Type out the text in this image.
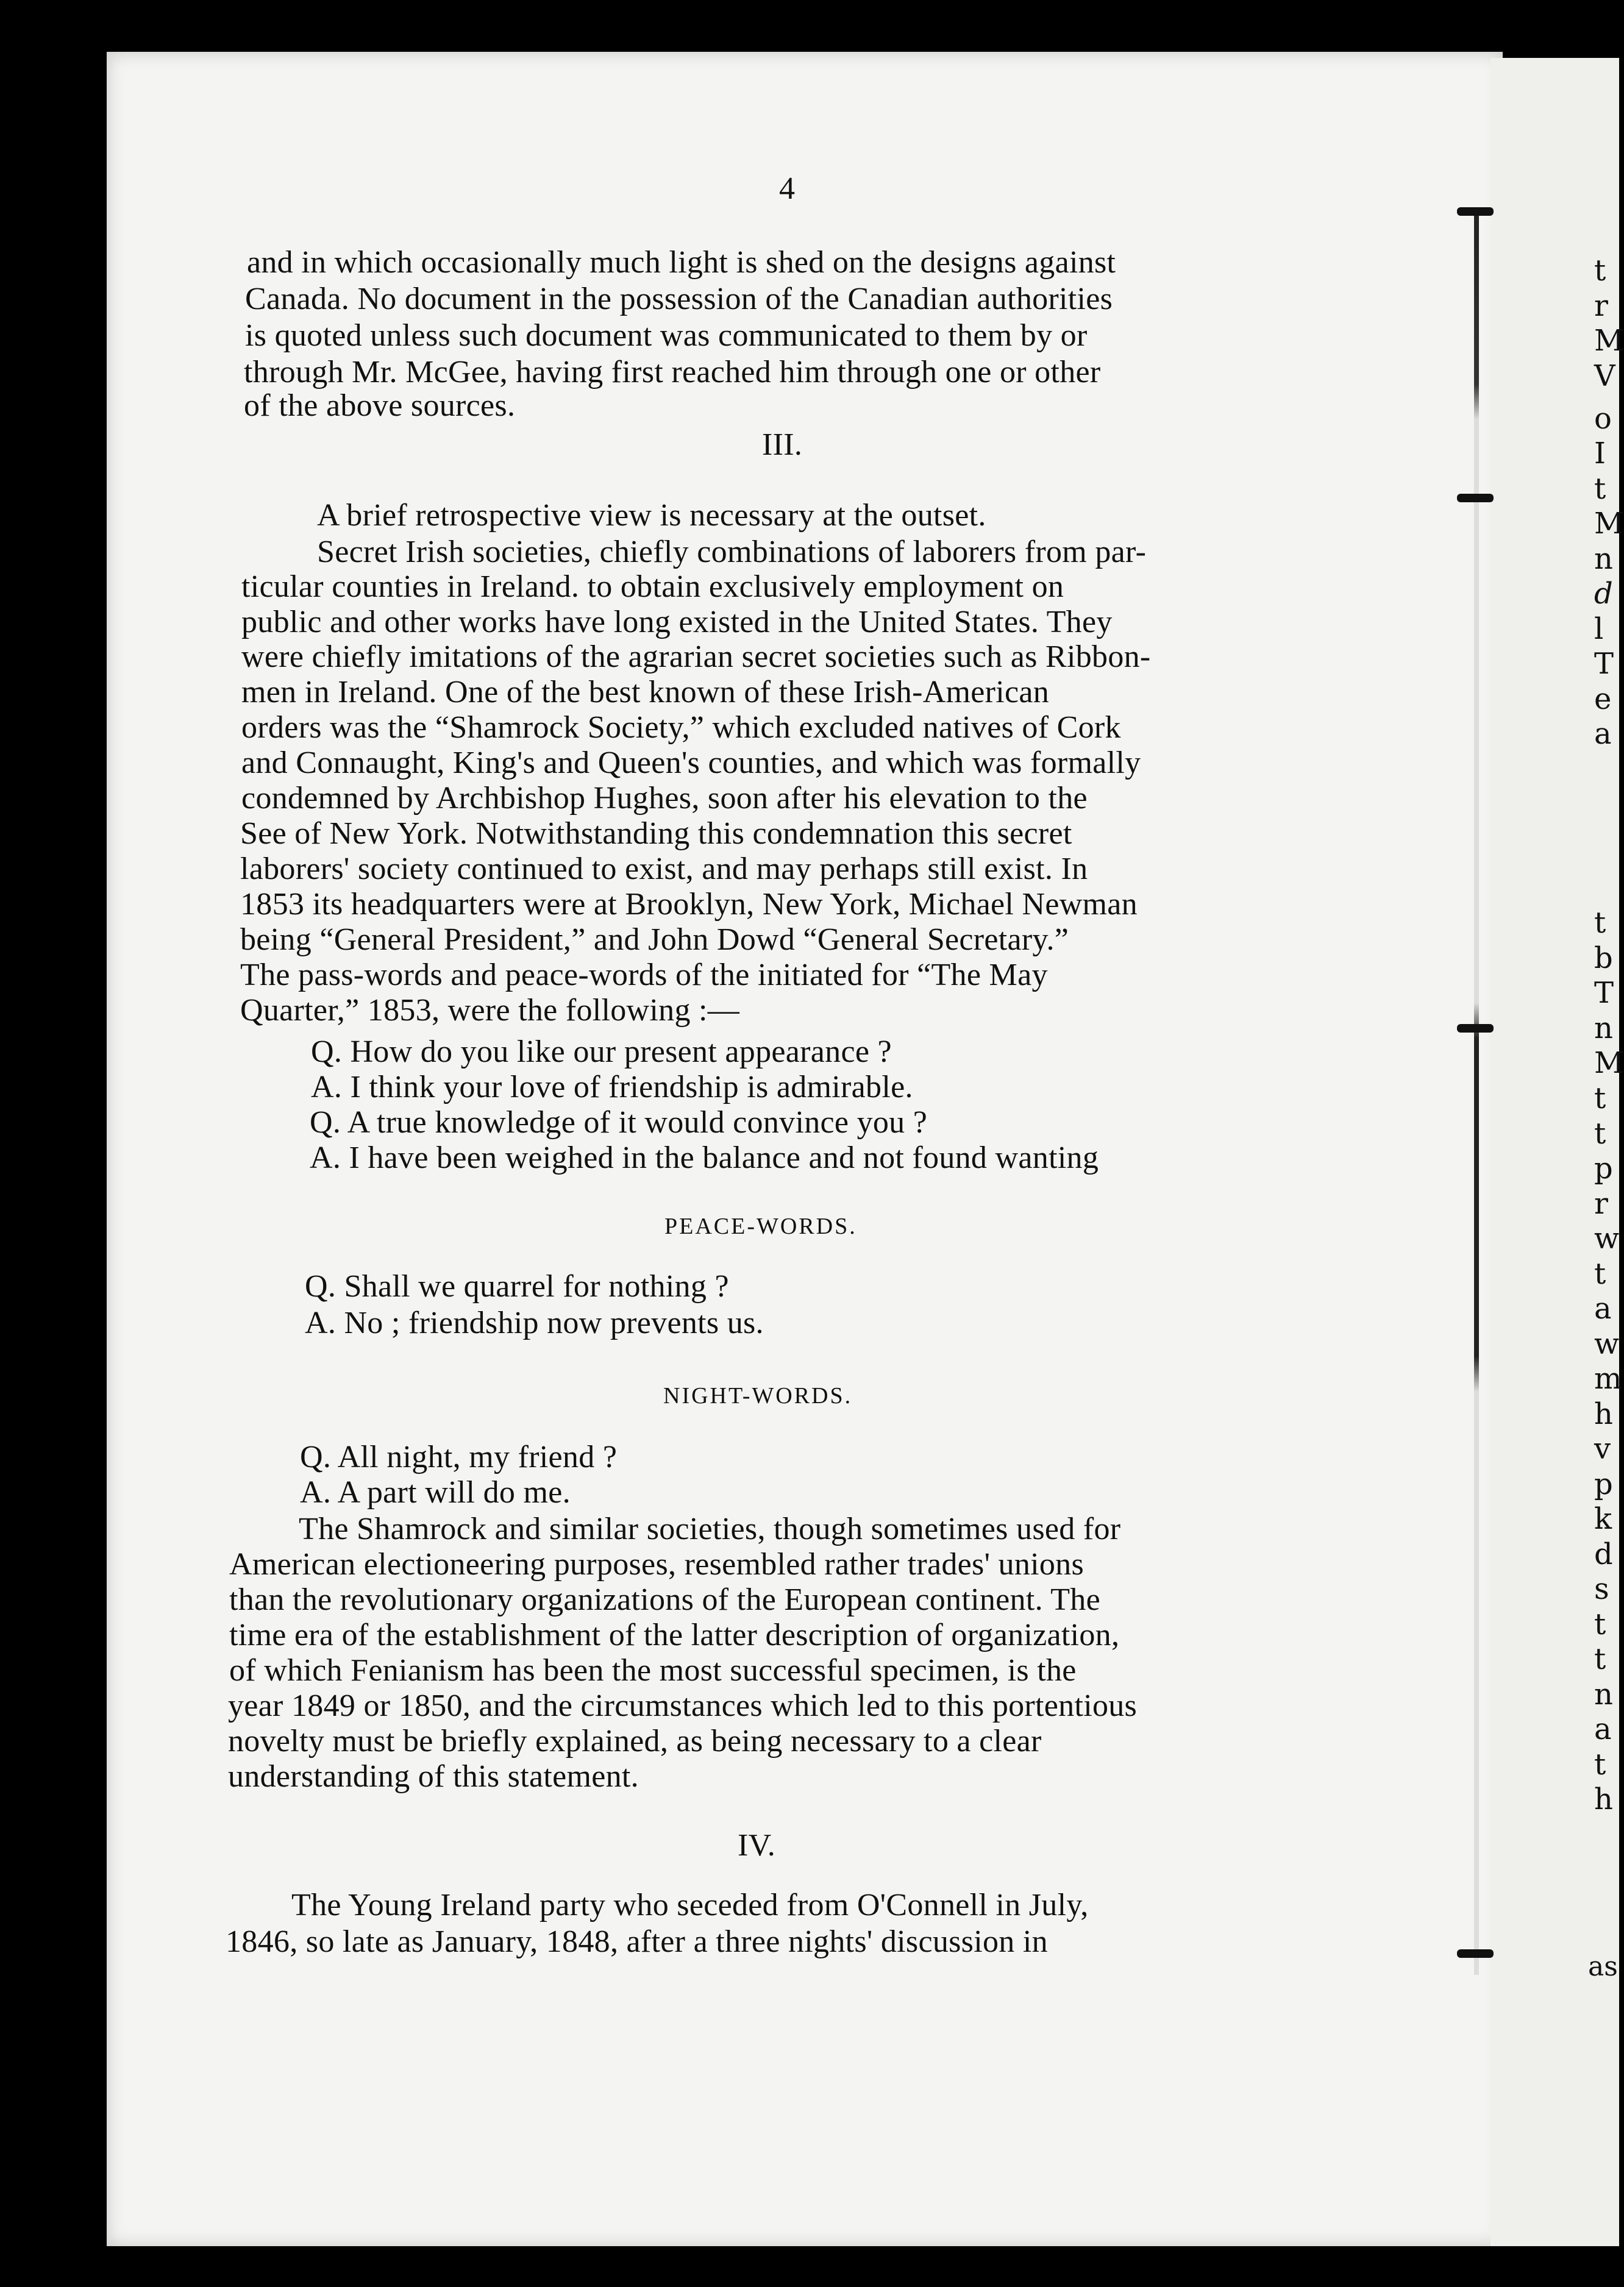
4
and in which occasionally much light is shed on the designs against
Canada. No document in the possession of the Canadian authorities
is quoted unless such document was communicated to them by or
through Mr. McGee, having first reached him through one or other
of the above sources.
III.
A brief retrospective view is necessary at the outset.
Secret Irish societies, chiefly combinations of laborers from par-
ticular counties in Ireland. to obtain exclusively employment on
public and other works have long existed in the United States. They
were chiefly imitations of the agrarian secret societies such as Ribbon-
men in Ireland. One of the best known of these Irish-American
orders was the “Shamrock Society,” which excluded natives of Cork
and Connaught, King's and Queen's counties, and which was formally
condemned by Archbishop Hughes, soon after his elevation to the
See of New York. Notwithstanding this condemnation this secret
laborers' society continued to exist, and may perhaps still exist. In
1853 its headquarters were at Brooklyn, New York, Michael Newman
being “General President,” and John Dowd “General Secretary.”
The pass-words and peace-words of the initiated for “The May
Quarter,” 1853, were the following :—
Q. How do you like our present appearance ?
A. I think your love of friendship is admirable.
Q. A true knowledge of it would convince you ?
A. I have been weighed in the balance and not found wanting
PEACE-WORDS.
Q. Shall we quarrel for nothing ?
A. No ; friendship now prevents us.
NIGHT-WORDS.
Q. All night, my friend ?
A. A part will do me.
The Shamrock and similar societies, though sometimes used for
American electioneering purposes, resembled rather trades' unions
than the revolutionary organizations of the European continent. The
time era of the establishment of the latter description of organization,
of which Fenianism has been the most successful specimen, is the
year 1849 or 1850, and the circumstances which led to this portentious
novelty must be briefly explained, as being necessary to a clear
understanding of this statement.
IV.
The Young Ireland party who seceded from O'Connell in July,
1846, so late as January, 1848, after a three nights' discussion in
t
r
M
V
o
I
t
M
n
d
l
T
e
a
t
b
T
n
M
t
t
p
r
w
t
a
w
m
h
v
p
k
d
s
t
t
n
a
t
h
as
